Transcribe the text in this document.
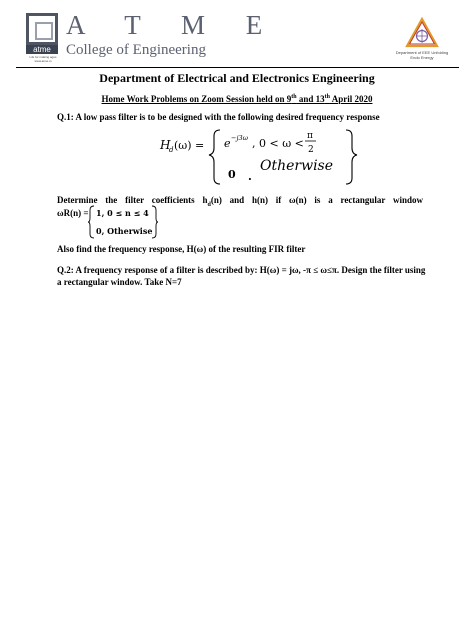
atme
Life for making ages www.atme.in
A T M E
College of Engineering	Department of EEE Unfolding Endo Energy
Department of Electrical and Electronics Engineering
Home Work Problems on Zoom Session held on 9th and 13th April 2020
Q.1: A low pass filter is to be designed with the following desired frequency response
H
d (ω) = e −j3ω , 0 < ω <
π
2
0 .
Otherwise
Determine the filter coefficients $h_d(n)$ and h(n) if ω(n) is a rectangular window
ωR(n) = 1, 0 ≤ n ≤ 4
0, Otherwise
Also find the frequency response, H(ω) of the resulting FIR filter
Q.2: A frequency response of a filter is described by: H(ω) = jω, -π ≤ ω≤π. Design the filter using
a rectangular window. Take N=7
